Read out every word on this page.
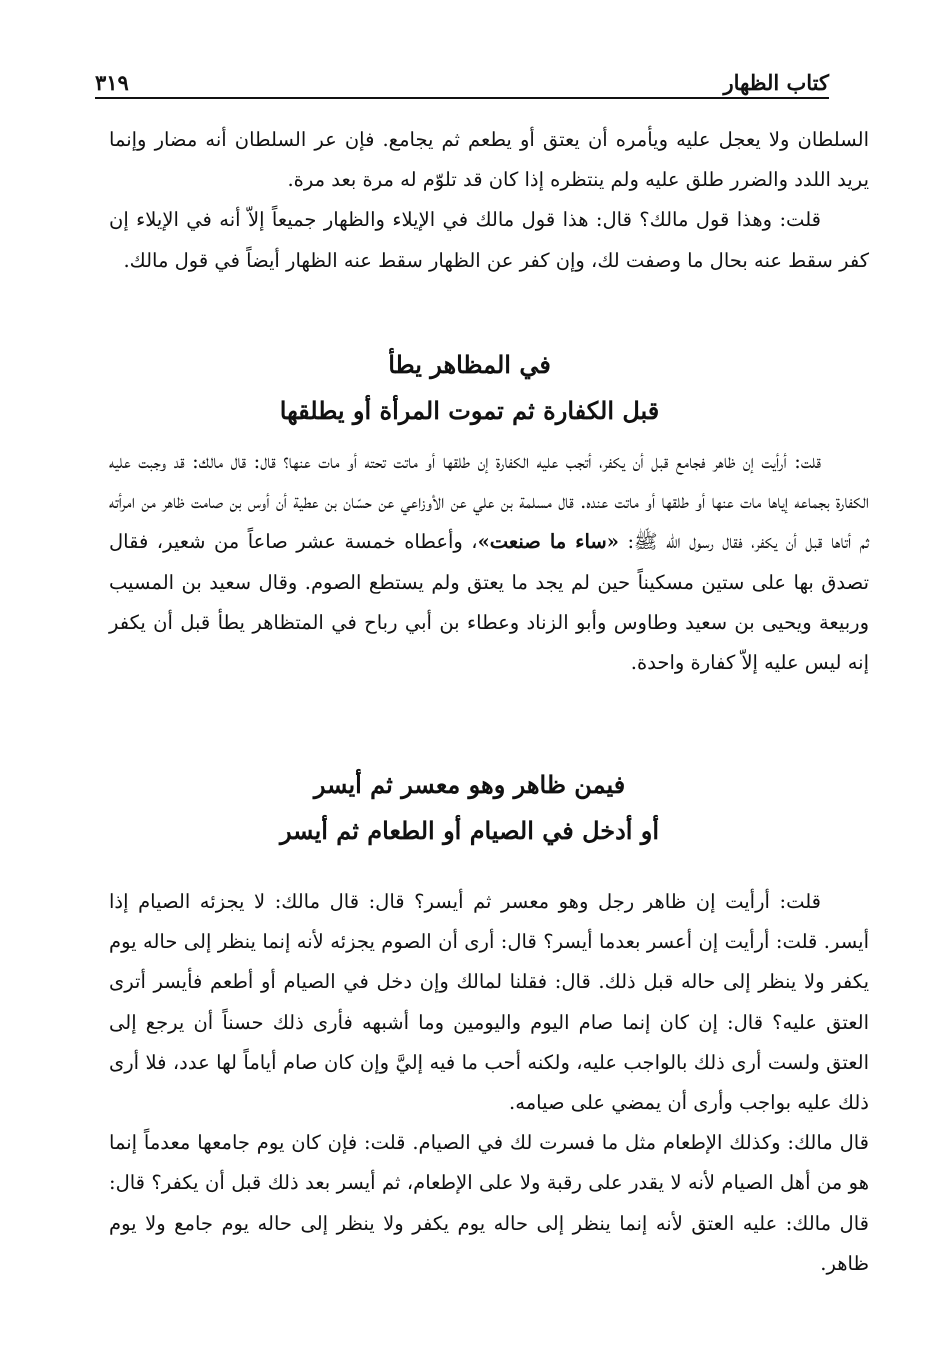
كتاب الظهار
٣١٩

السلطان ولا يعجل عليه ويأمره أن يعتق أو يطعم ثم يجامع. فإن عر السلطان أنه مضار وإنما يريد اللدد والضرر طلق عليه ولم ينتظره إذا كان قد تلوّم له مرة بعد مرة.

قلت: وهذا قول مالك؟ قال: هذا قول مالك في الإيلاء والظهار جميعاً إلاّ أنه في الإيلاء إن كفر سقط عنه بحال ما وصفت لك، وإن كفر عن الظهار سقط عنه الظهار أيضاً في قول مالك.

في المظاهر يطأ
قبل الكفارة ثم تموت المرأة أو يطلقها

قلت: أرأيت إن ظاهر فجامع قبل أن يكفر، أتجب عليه الكفارة إن طلقها أو ماتت تحته أو مات عنها؟ قال: قال مالك: قد وجبت عليه الكفارة بجماعه إياها مات عنها أو طلقها أو ماتت عنده. قال مسلمة بن علي عن الأوزاعي عن حسّان بن عطية أن أوس بن صامت ظاهر من امرأته ثم أتاها قبل أن يكفر، فقال رسول الله ﷺ: «ساء ما صنعت»، وأعطاه خمسة عشر صاعاً من شعير، فقال تصدق بها على ستين مسكيناً حين لم يجد ما يعتق ولم يستطع الصوم. وقال سعيد بن المسيب وربيعة ويحيى بن سعيد وطاوس وأبو الزناد وعطاء بن أبي رباح في المتظاهر يطأ قبل أن يكفر إنه ليس عليه إلاّ كفارة واحدة.

فيمن ظاهر وهو معسر ثم أيسر
أو أدخل في الصيام أو الطعام ثم أيسر

قلت: أرأيت إن ظاهر رجل وهو معسر ثم أيسر؟ قال: قال مالك: لا يجزئه الصيام إذا أيسر. قلت: أرأيت إن أعسر بعدما أيسر؟ قال: أرى أن الصوم يجزئه لأنه إنما ينظر إلى حاله يوم يكفر ولا ينظر إلى حاله قبل ذلك. قال: فقلنا لمالك وإن دخل في الصيام أو أطعم فأيسر أترى العتق عليه؟ قال: إن كان إنما صام اليوم واليومين وما أشبهه فأرى ذلك حسناً أن يرجع إلى العتق ولست أرى ذلك بالواجب عليه، ولكنه أحب ما فيه إليَّ وإن كان صام أياماً لها عدد، فلا أرى ذلك عليه بواجب وأرى أن يمضي على صيامه.

قال مالك: وكذلك الإطعام مثل ما فسرت لك في الصيام. قلت: فإن كان يوم جامعها معدماً إنما هو من أهل الصيام لأنه لا يقدر على رقبة ولا على الإطعام، ثم أيسر بعد ذلك قبل أن يكفر؟ قال: قال مالك: عليه العتق لأنه إنما ينظر إلى حاله يوم يكفر ولا ينظر إلى حاله يوم جامع ولا يوم ظاهر.
